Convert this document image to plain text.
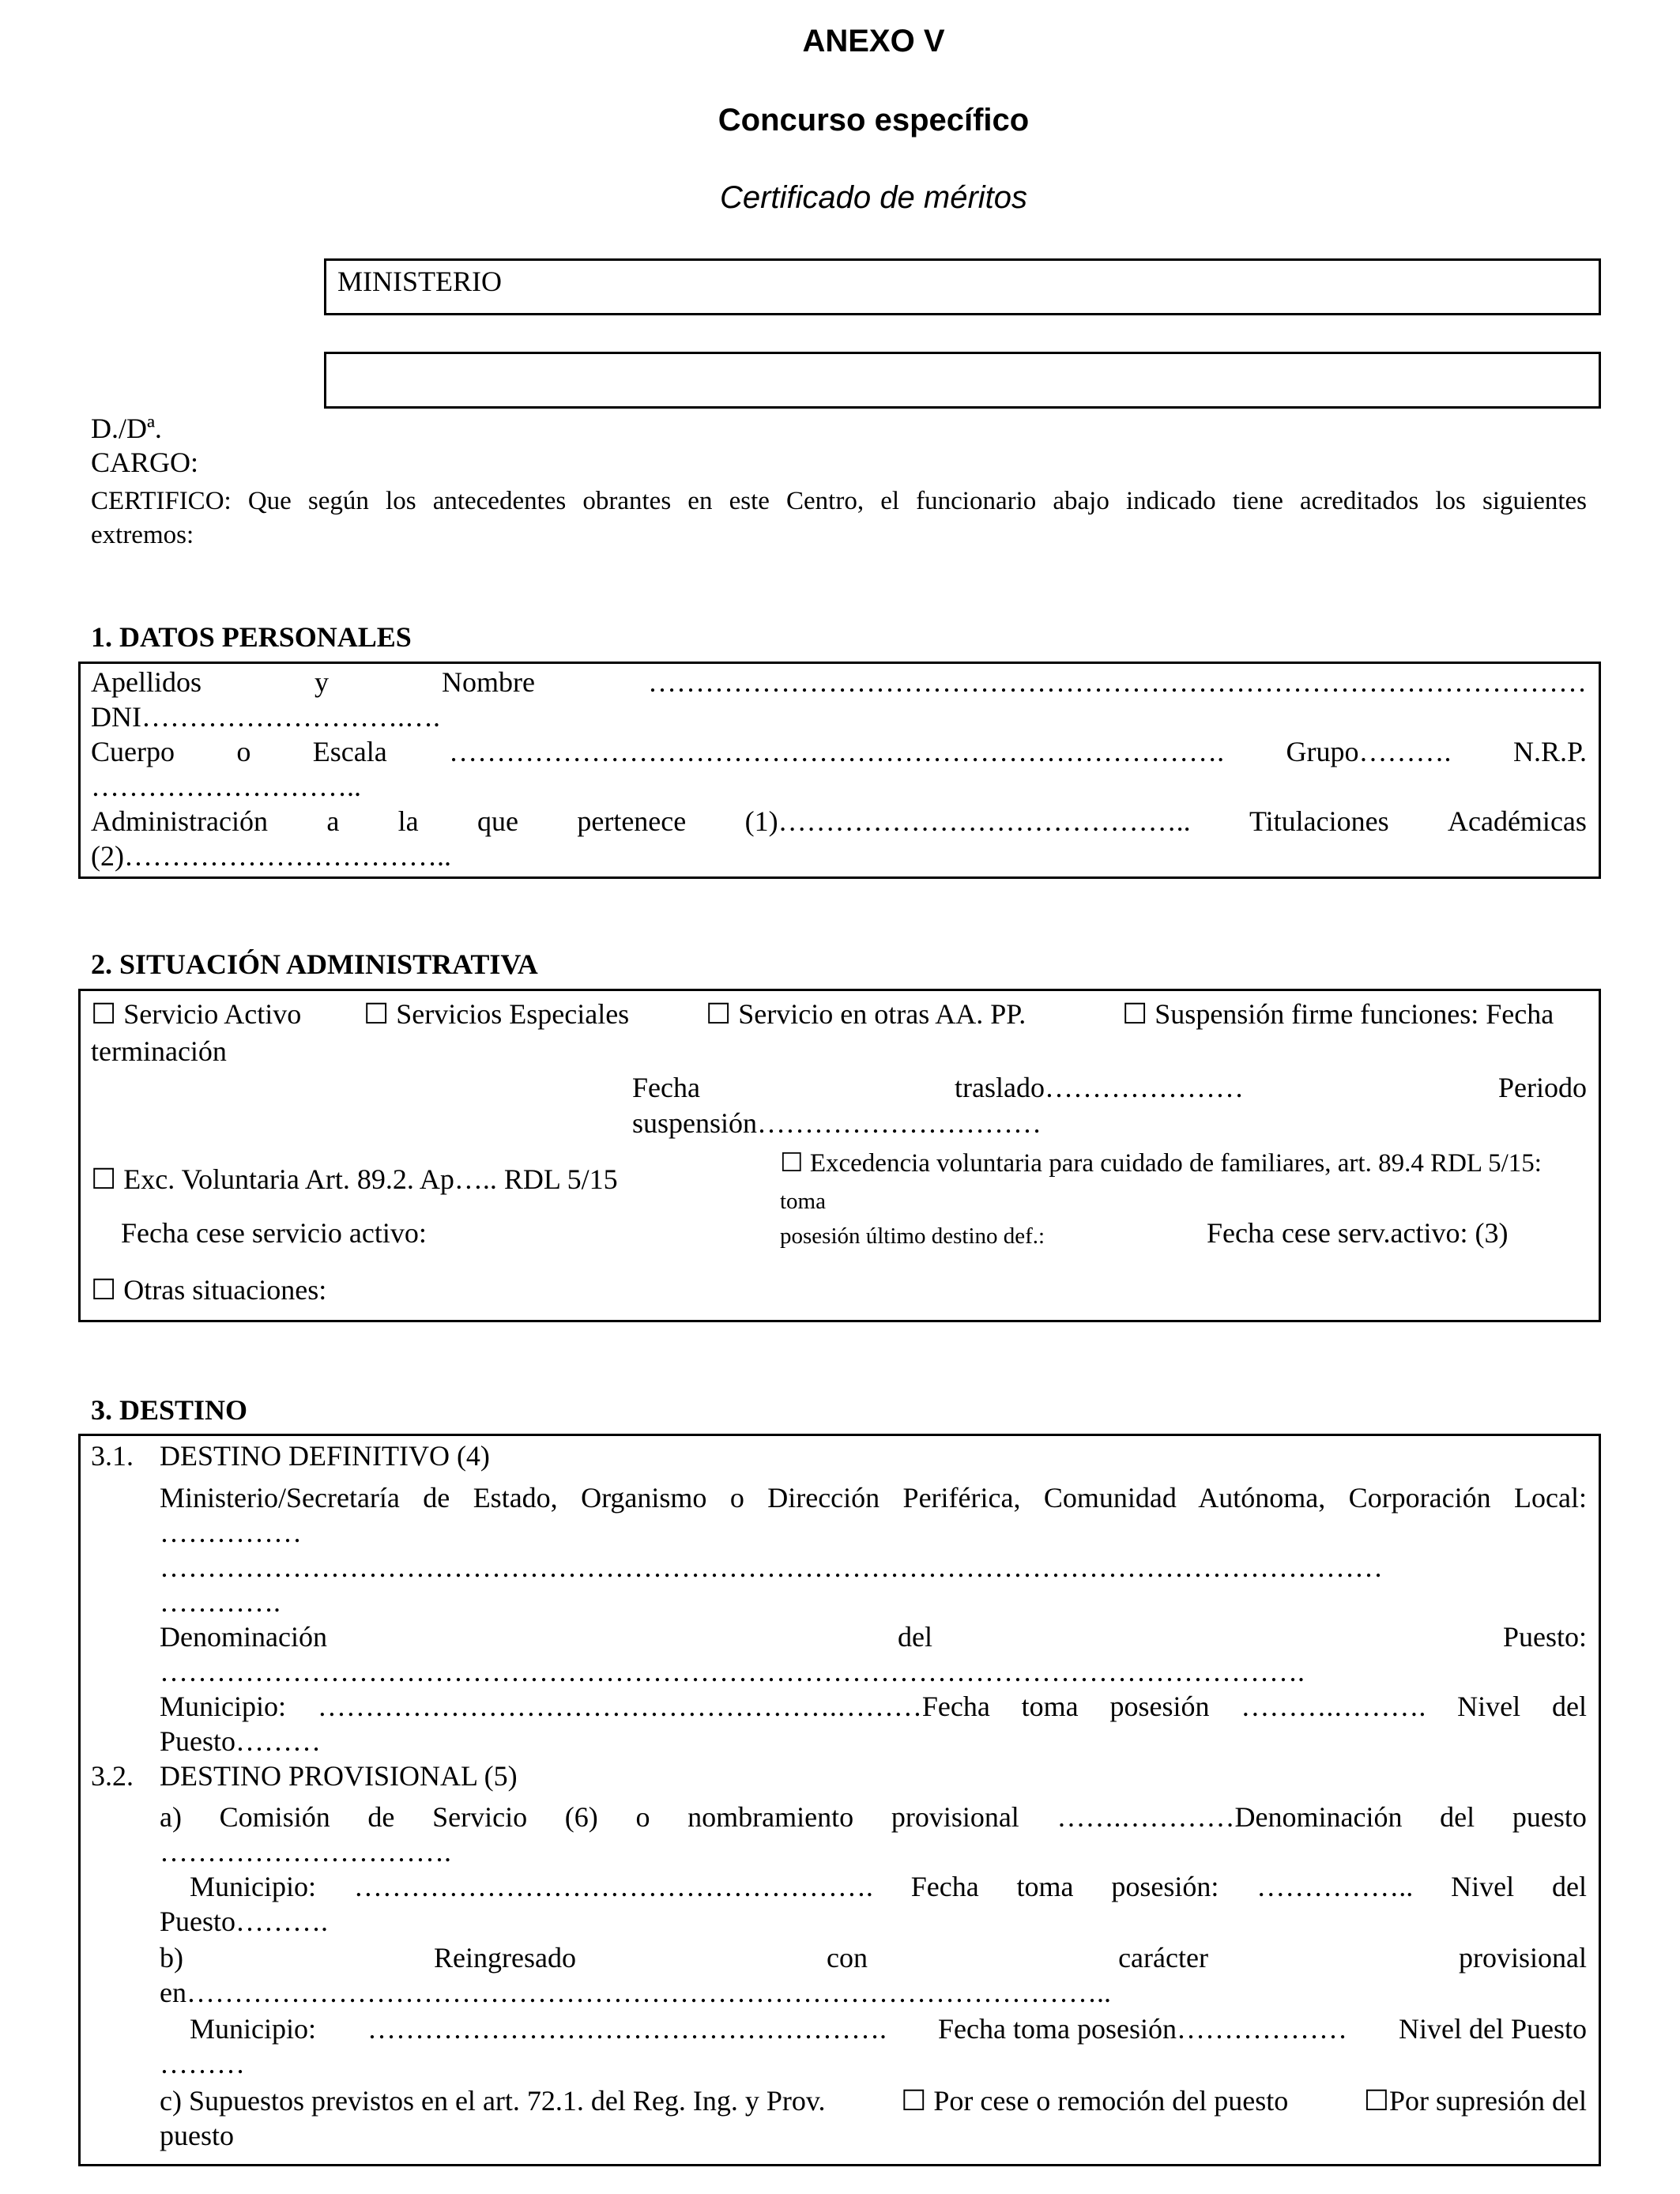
ANEXO V
Concurso específico
Certificado de méritos
MINISTERIO
D./Dª.
CARGO:
CERTIFICO: Que según los antecedentes obrantes en este Centro, el funcionario abajo indicado tiene acreditados los siguientes
extremos:
1. DATOS PERSONALES
Apellidos	y	Nombre	………………………………………………………………………………………
DNI……………………….….
Cuerpo o Escala ………………………………………………………………………. Grupo………. N.R.P.
………………………..
Administración a la que pertenece (1)…………………………………….. Titulaciones Académicas
(2)……………………………..
2. SITUACIÓN ADMINISTRATIVA
☐ Servicio Activo ☐ Servicios Especiales	☐ Servicio en otras AA. PP.	☐ Suspensión firme funciones: Fecha
terminación
Fecha	traslado…………………	Periodo
suspensión…………………………
☐ Exc. Voluntaria Art. 89.2. Ap….. RDL 5/15	☐ Excedencia voluntaria para cuidado de familiares, art. 89.4 RDL 5/15:
toma
Fecha cese servicio activo:	posesión último destino def.:	Fecha cese serv.activo: (3)
☐ Otras situaciones:
3. DESTINO
3.1. DESTINO DEFINITIVO (4)
Ministerio/Secretaría de Estado, Organismo o Dirección Periférica, Comunidad Autónoma, Corporación Local:
……………
…………………………………………………………………………………………………………………
………….
Denominación	del	Puesto:
………………………………………………………………………………………………………….
Municipio: ……………………………………………….………Fecha toma posesión ……….………. Nivel del
Puesto………
3.2. DESTINO PROVISIONAL (5)
a) Comisión de Servicio (6) o nombramiento provisional …….…………Denominación del puesto
………………………….
Municipio: ………………………………………………. Fecha toma posesión: …………….. Nivel del
Puesto……….
b)	Reingresado	con	carácter	provisional
en……………………………………………………………………………………..
Municipio: ………………………………………………. Fecha toma posesión……………… Nivel del Puesto
………
c) Supuestos previstos en el art. 72.1. del Reg. Ing. y Prov.	☐ Por cese o remoción del puesto	☐Por supresión del
puesto
